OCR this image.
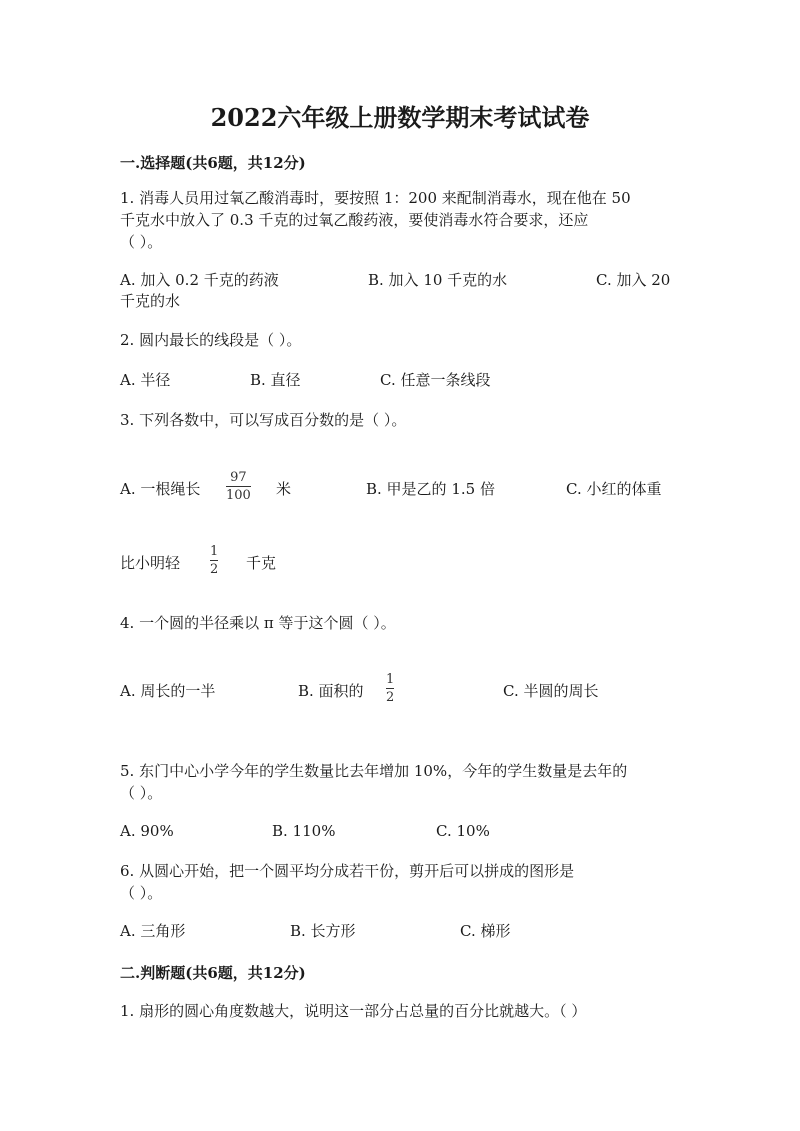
2022六年级上册数学期末考试试卷
一.选择题(共6题，共12分)
1. 消毒人员用过氧乙酸消毒时，要按照 1：200 来配制消毒水，现在他在 50
千克水中放入了 0.3 千克的过氧乙酸药液，要使消毒水符合要求，还应
（ ）。
A. 加入 0.2 千克的药液	B. 加入 10 千克的水	C. 加入 20
千克的水
2. 圆内最长的线段是（ ）。
A. 半径	B. 直径	C. 任意一条线段
3. 下列各数中，可以写成百分数的是（ ）。
A. 一根绳长
97
100 米	B. 甲是乙的 1.5 倍	C. 小红的体重
比小明轻
1
2 千克
4. 一个圆的半径乘以 π 等于这个圆（ ）。
A. 周长的一半	B. 面积的
1
2	C. 半圆的周长
5. 东门中心小学今年的学生数量比去年增加 10%，今年的学生数量是去年的
（ ）。
A. 90%	B. 110%	C. 10%
6. 从圆心开始，把一个圆平均分成若干份，剪开后可以拼成的图形是
（ ）。
A. 三角形	B. 长方形	C. 梯形
二.判断题(共6题，共12分)
1. 扇形的圆心角度数越大，说明这一部分占总量的百分比就越大。（ ）
